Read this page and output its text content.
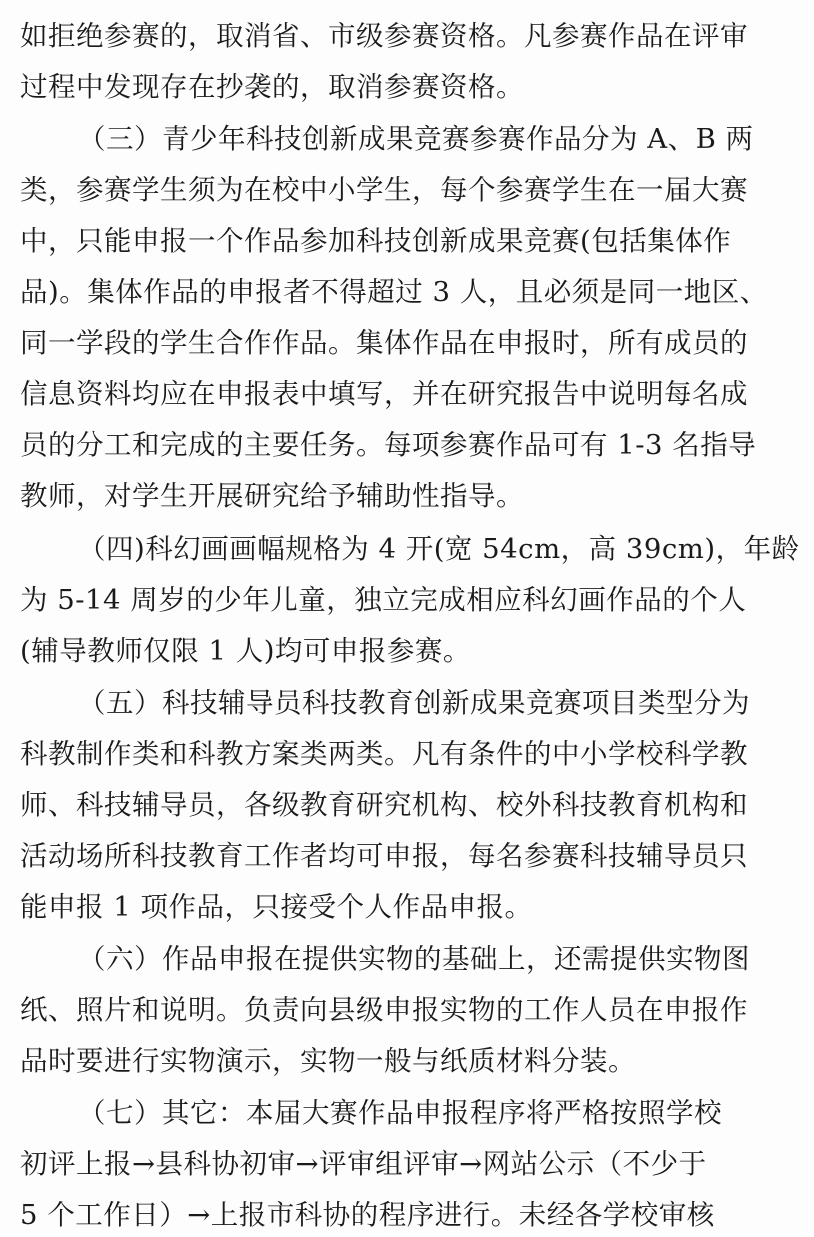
如拒绝参赛的，取消省、市级参赛资格。凡参赛作品在评审
过程中发现存在抄袭的，取消参赛资格。
（三）青少年科技创新成果竞赛参赛作品分为 A、B 两
类，参赛学生须为在校中小学生，每个参赛学生在一届大赛
中，只能申报一个作品参加科技创新成果竞赛(包括集体作
品)。集体作品的申报者不得超过 3 人，且必须是同一地区、
同一学段的学生合作作品。集体作品在申报时，所有成员的
信息资料均应在申报表中填写，并在研究报告中说明每名成
员的分工和完成的主要任务。每项参赛作品可有 1-3 名指导
教师，对学生开展研究给予辅助性指导。
（四)科幻画画幅规格为 4 开(宽 54cm，高 39cm)，年龄
为 5-14 周岁的少年儿童，独立完成相应科幻画作品的个人
(辅导教师仅限 1 人)均可申报参赛。
（五）科技辅导员科技教育创新成果竞赛项目类型分为
科教制作类和科教方案类两类。凡有条件的中小学校科学教
师、科技辅导员，各级教育研究机构、校外科技教育机构和
活动场所科技教育工作者均可申报，每名参赛科技辅导员只
能申报 1 项作品，只接受个人作品申报。
（六）作品申报在提供实物的基础上，还需提供实物图
纸、照片和说明。负责向县级申报实物的工作人员在申报作
品时要进行实物演示，实物一般与纸质材料分装。
（七）其它：本届大赛作品申报程序将严格按照学校
初评上报→县科协初审→评审组评审→网站公示（不少于
5 个工作日）→上报市科协的程序进行。未经各学校审核
